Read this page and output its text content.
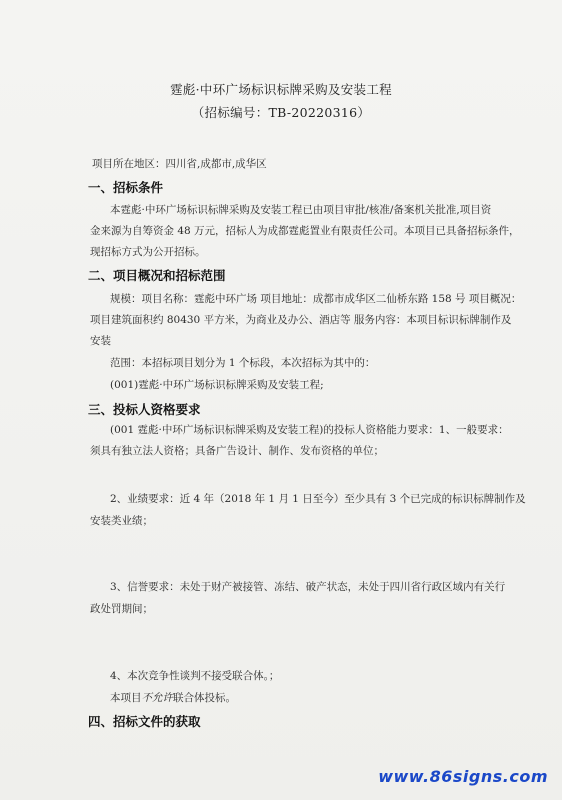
霆彪·中环广场标识标牌采购及安装工程
（招标编号：TB-20220316）
项目所在地区：四川省,成都市,成华区
一、招标条件
本霆彪·中环广场标识标牌采购及安装工程已由项目审批/核准/备案机关批准,项目资
金来源为自筹资金 48 万元，招标人为成都霆彪置业有限责任公司。本项目已具备招标条件，
现招标方式为公开招标。
二、项目概况和招标范围
规模：项目名称：霆彪中环广场 项目地址：成都市成华区二仙桥东路 158 号 项目概况：
项目建筑面积约 80430 平方米，为商业及办公、酒店等 服务内容：本项目标识标牌制作及
安装
范围：本招标项目划分为 1 个标段，本次招标为其中的：
(001)霆彪·中环广场标识标牌采购及安装工程;
三、投标人资格要求
(001 霆彪·中环广场标识标牌采购及安装工程)的投标人资格能力要求：1、一般要求：
须具有独立法人资格；具备广告设计、制作、发布资格的单位；
2、业绩要求：近 4 年（2018 年 1 月 1 日至今）至少具有 3 个已完成的标识标牌制作及
安装类业绩；
3、信誉要求：未处于财产被接管、冻结、破产状态，未处于四川省行政区域内有关行
政处罚期间；
4、本次竞争性谈判不接受联合体。；
本项目不允许联合体投标。
四、招标文件的获取
www.86signs.com
